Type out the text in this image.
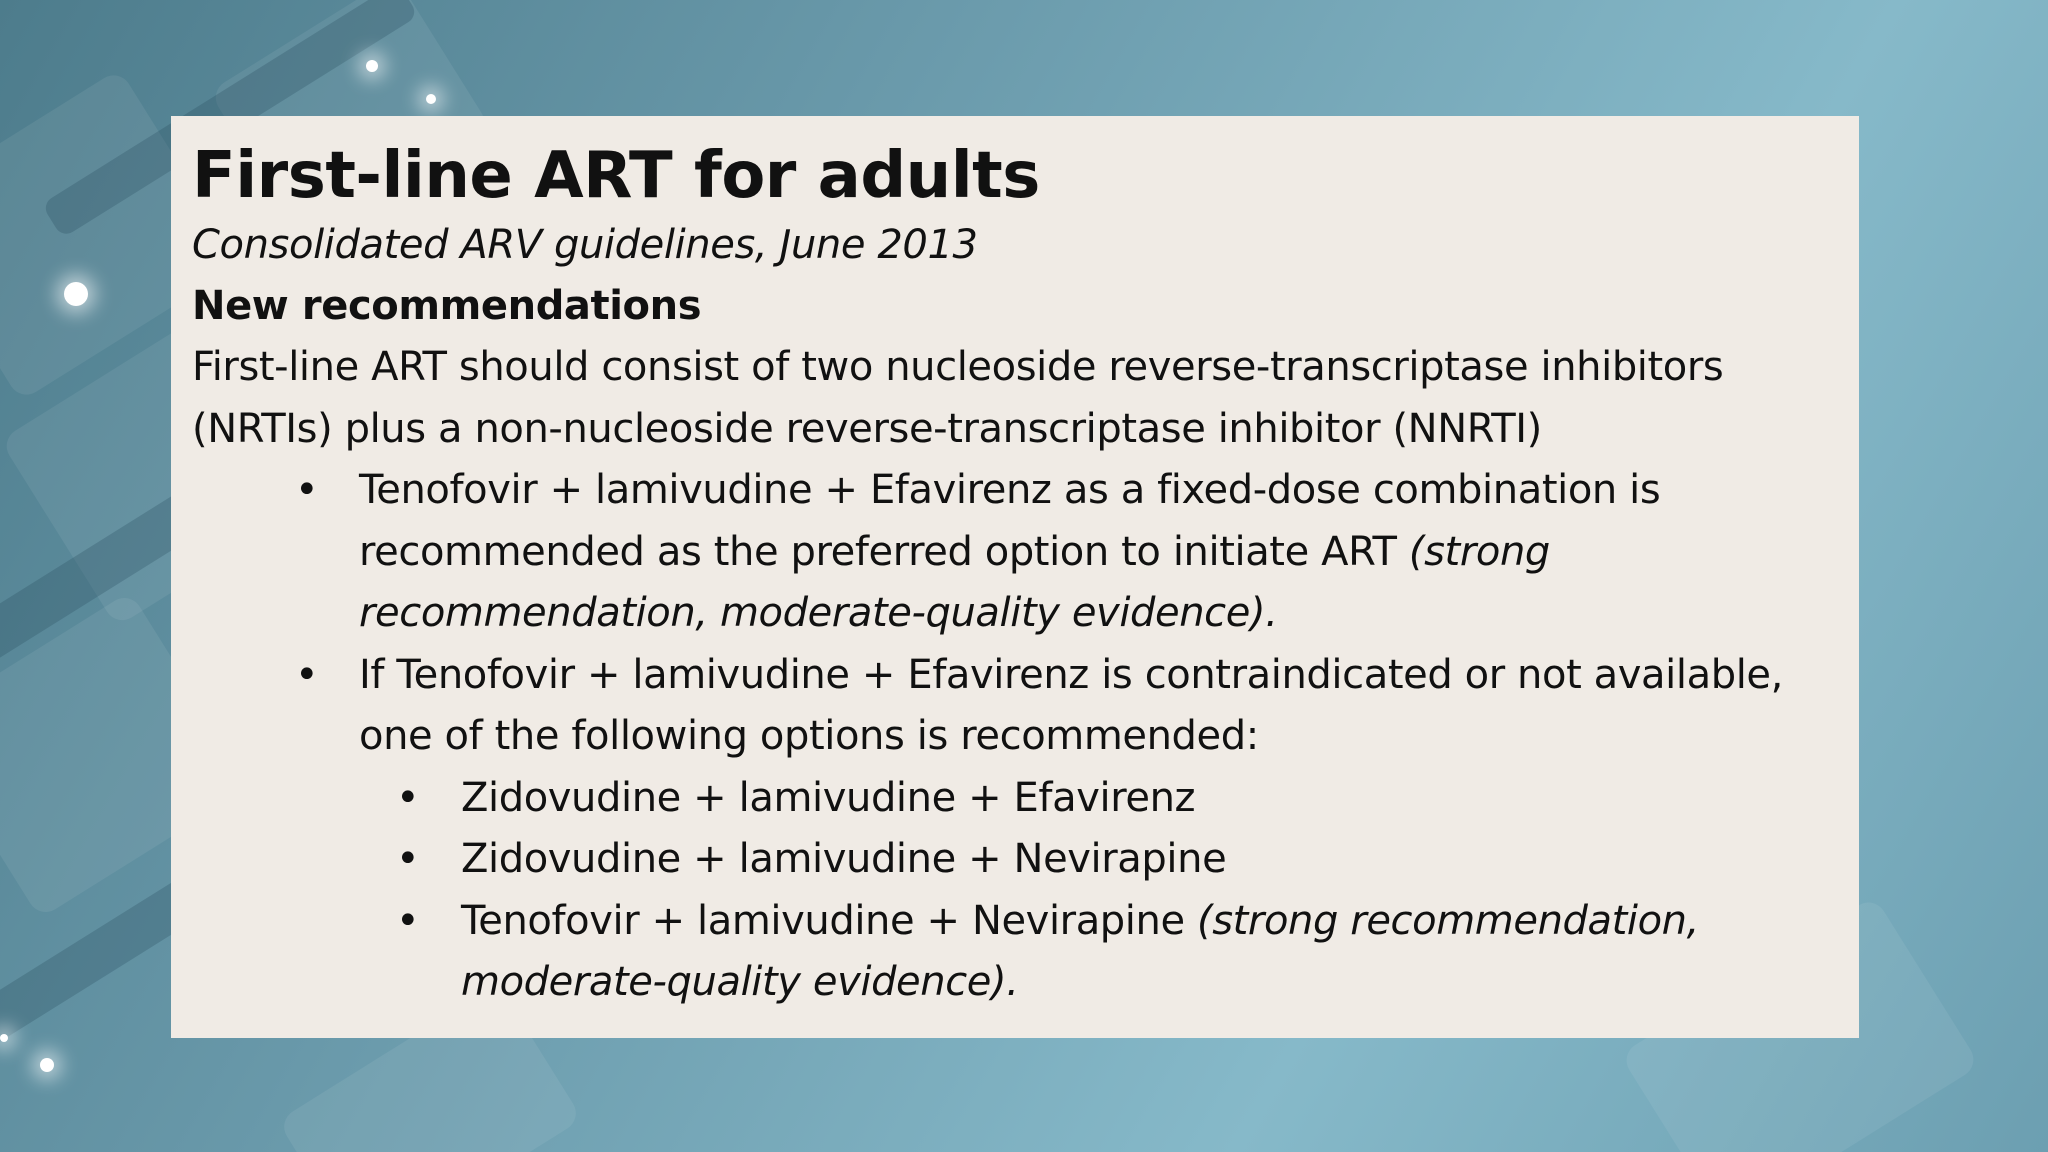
First-line ART for adults

Consolidated ARV guidelines, June 2013

New recommendations

First-line ART should consist of two nucleoside reverse-transcriptase inhibitors

(NRTIs) plus a non-nucleoside reverse-transcriptase inhibitor (NNRTI)

• Tenofovir + lamivudine + Efavirenz as a fixed-dose combination is recommended as the preferred option to initiate ART (strong recommendation, moderate-quality evidence).
• If Tenofovir + lamivudine + Efavirenz is contraindicated or not available, one of the following options is recommended:
• Zidovudine + lamivudine + Efavirenz
• Zidovudine + lamivudine + Nevirapine
• Tenofovir + lamivudine + Nevirapine (strong recommendation, moderate-quality evidence).
